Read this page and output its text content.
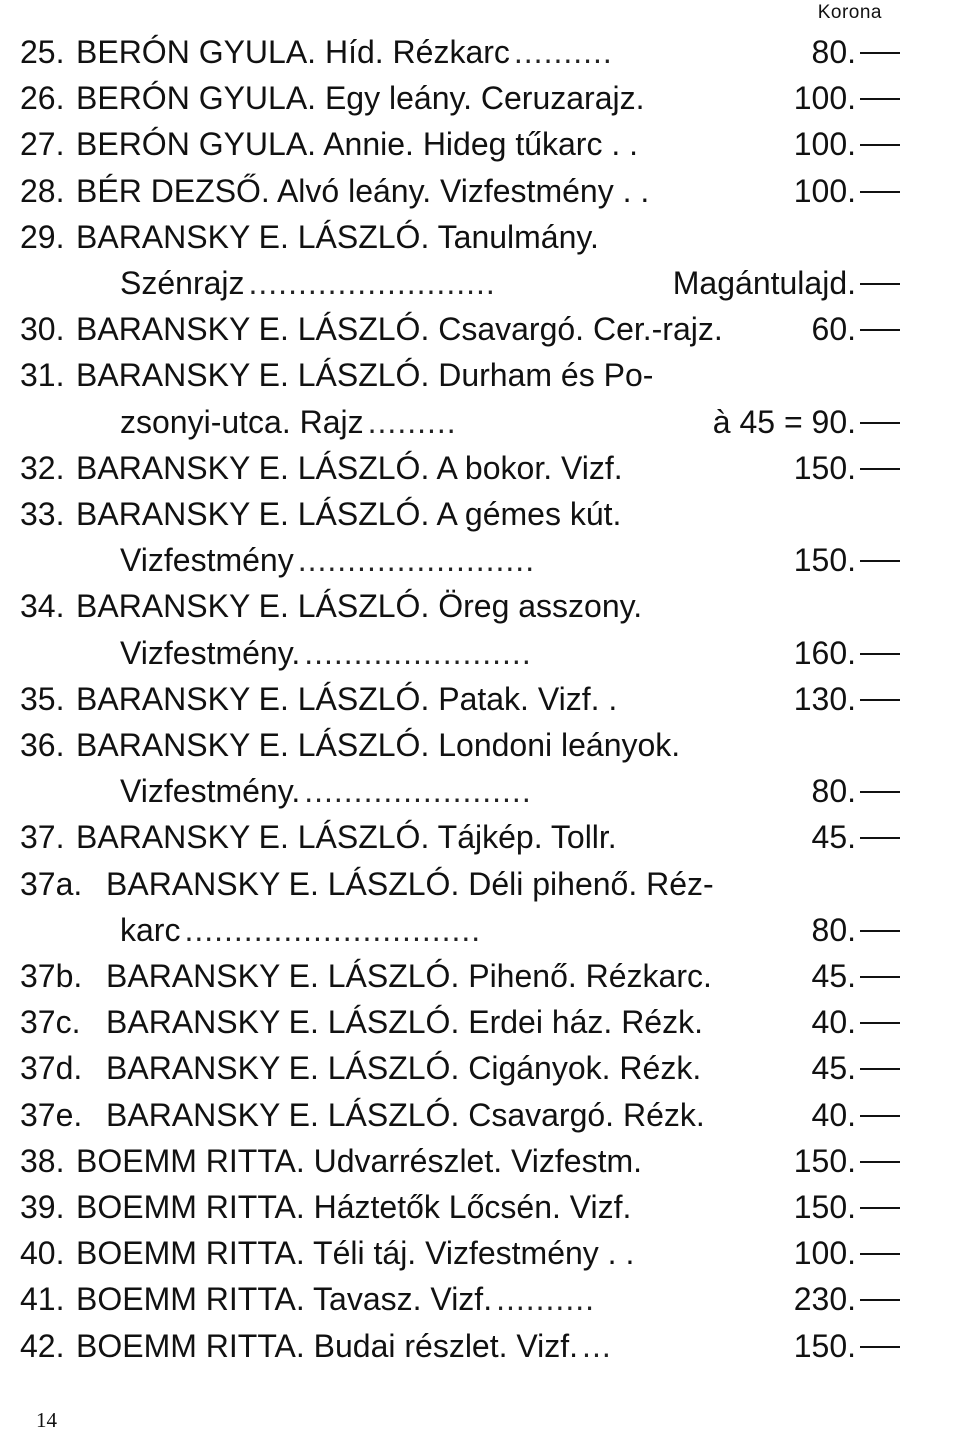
Korona
25. BERÓN GYULA. Híd. Rézkarc ..........	80.
26. BERÓN GYULA. Egy leány. Ceruzarajz.	100.
27. BERÓN GYULA. Annie. Hideg tűkarc . .	100.
28. BÉR DEZSŐ. Alvó leány. Vizfestmény . .	100.
29. BARANSKY E. LÁSZLÓ. Tanulmány.
Szénrajz .........................	Magántulajd.
30. BARANSKY E. LÁSZLÓ. Csavargó. Cer.-rajz.	60.
31. BARANSKY E. LÁSZLÓ. Durham és Po-
zsonyi-utca. Rajz .........	à 45 = 90.
32. BARANSKY E. LÁSZLÓ. A bokor. Vizf.	150.
33. BARANSKY E. LÁSZLÓ. A gémes kút.
Vizfestmény ........................	150.
34. BARANSKY E. LÁSZLÓ. Öreg asszony.
Vizfestmény. .......................	160.
35. BARANSKY E. LÁSZLÓ. Patak. Vizf. .	130.
36. BARANSKY E. LÁSZLÓ. Londoni leányok.
Vizfestmény. .......................	80.
37. BARANSKY E. LÁSZLÓ. Tájkép. Tollr.	45.
37a. BARANSKY E. LÁSZLÓ. Déli pihenő. Réz-
karc ..............................	80.
37b. BARANSKY E. LÁSZLÓ. Pihenő. Rézkarc.	45.
37c. BARANSKY E. LÁSZLÓ. Erdei ház. Rézk.	40.
37d. BARANSKY E. LÁSZLÓ. Cigányok. Rézk.	45.
37e. BARANSKY E. LÁSZLÓ. Csavargó. Rézk.	40.
38. BOEMM RITTA. Udvarrészlet. Vizfestm.	150.
39. BOEMM RITTA. Háztetők Lőcsén. Vizf.	150.
40. BOEMM RITTA. Téli táj. Vizfestmény . .	100.
41. BOEMM RITTA. Tavasz. Vizf. ..........	230.
42. BOEMM RITTA. Budai részlet. Vizf. ...	150.
14
